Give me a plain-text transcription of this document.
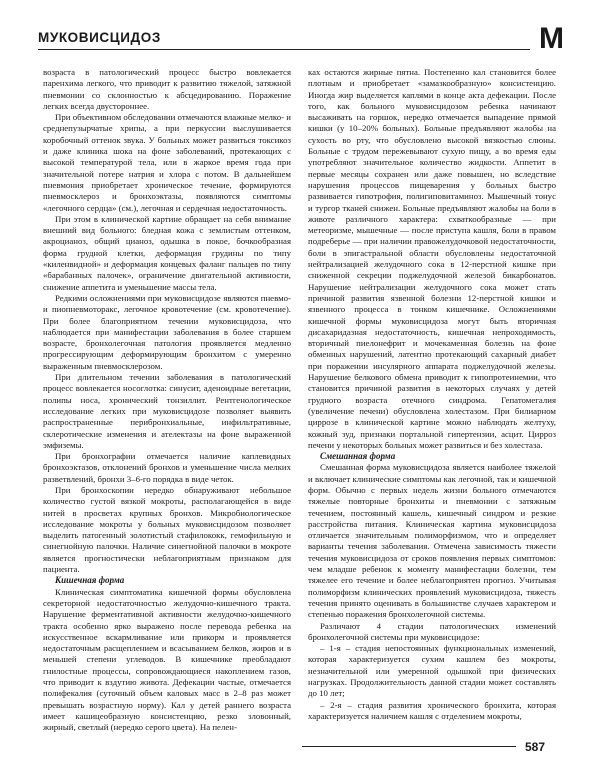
МУКОВИСЦИДОЗ	М

возраста в патологический процесс быстро вовлекается паренхима легкого, что приводит к развитию тяжелой, затяжной пневмонии со склонностью к абсцедированию. Поражение легких всегда двустороннее.

При объективном обследовании отмечаются влажные мелко- и среднепузырчатые хрипы, а при перкуссии выслушивается коробочный оттенок звука. У больных может развиться токсикоз и даже клиника шока на фоне заболеваний, протекающих с высокой температурой тела, или в жаркое время года при значительной потере натрия и хлора с потом. В дальнейшем пневмония приобретает хроническое течение, формируются пневмосклероз и бронхоэктазы, появляются симптомы «легочного сердца» (см.), легочная и сердечная недостаточность.

При этом в клинической картине обращает на себя внимание внешний вид больного: бледная кожа с землистым оттенком, акроцианоз, общий цианоз, одышка в покое, бочкообразная форма грудной клетки, деформация грудины по типу «киленвидной» и деформация концевых фаланг пальцев по типу «барабанных палочек», ограничение двигательной активности, снижение аппетита и уменьшение массы тела.

Редкими осложнениями при муковисцидозе являются пневмо- и пиопневмоторакс, легочное кровотечение (см. кровотечение). При более благоприятном течении муковисцидоза, что наблюдается при манифестации заболевания в более старшем возрасте, бронхолегочная патология проявляется медленно прогрессирующим деформирующим бронхитом с умеренно выраженным пневмосклерозом.

При длительном течении заболевания в патологический процесс вовлекается носоглотка: синусит, аденоидные вегетации, полипы носа, хронический тонзиллит. Рентгенологическое исследование легких при муковисцидозе позволяет выявить распространенные перибронхиальные, инфильтративные, склеротические изменения и ателектазы на фоне выраженной эмфиземы.

При бронхографии отмечается наличие каплевидных бронхоэктазов, отклонений бронхов и уменьшение числа мелких разветвлений, бронхи 3–6-го порядка в виде четок.

При бронхоскопии нередко обнаруживают небольшое количество густой вязкой мокроты, располагающейся в виде нитей в просветах крупных бронхов. Микробиологическое исследование мокроты у больных муковисцидозом позволяет выделить патогенный золотистый стафилококк, гемофильную и синегнойную палочки. Наличие синегнойной палочки в мокроте является прогностически неблагоприятным признаком для пациента.

Кишечная форма

Клиническая симптоматика кишечной формы обусловлена секреторной недостаточностью желудочно-кишечного тракта. Нарушение ферментативной активности желудочно-кишечного тракта особенно ярко выражено после перевода ребенка на искусственное вскармливание или прикорм и проявляется недостаточным расщеплением и всасыванием белков, жиров и в меньшей степени углеводов. В кишечнике преобладают гнилостные процессы, сопровождающиеся накоплением газов, что приводит к вздутию живота. Дефекации частые, отмечается полифекалия (суточный объем каловых масс в 2–8 раз может превышать возрастную норму). Кал у детей раннего возраста имеет кашицеобразную консистенцию, резко зловонный, жирный, светлый (нередко серого цвета). На пелен-

ках остаются жирные пятна. Постепенно кал становится более плотным и приобретает «замазкообразную» консистенцию. Иногда жир выделяется каплями в конце акта дефекации. После того, как больного муковисцидозом ребенка начинают высаживать на горшок, нередко отмечается выпадение прямой кишки (у 10–20% больных). Больные предъявляют жалобы на сухость во рту, что обусловлено высокой вязкостью слюны. Больные с трудом пережевывают сухую пищу, а во время еды употребляют значительное количество жидкости. Аппетит в первые месяцы сохранен или даже повышен, но вследствие нарушения процессов пищеварения у больных быстро развивается гипотрофия, полигиповитаминоз. Мышечный тонус и тургор тканей снижен. Больные предъявляют жалобы на боли в животе различного характера: схваткообразные — при метеоризме, мышечные — после приступа кашля, боли в правом подреберье — при наличии правожелудочковой недостаточности, боли в эпигастральной области обусловлены недостаточной нейтрализацией желудочного сока в 12-перстной кишке при сниженной секреции поджелудочной железой бикарбонатов. Нарушение нейтрализации желудочного сока может стать причиной развития язвенной болезни 12-перстной кишки и язвенного процесса в тонком кишечнике. Осложнениями кишечной формы муковисцидоза могут быть вторичная дисахаридазная недостаточность, кишечная непроходимость, вторичный пиелонефрит и мочекаменная болезнь на фоне обменных нарушений, латентно протекающий сахарный диабет при поражении инсулярного аппарата поджелудочной железы. Нарушение белкового обмена приводит к гипопротеинемии, что становится причиной развития в некоторых случаях у детей грудного возраста отечного синдрома. Гепатомегалия (увеличение печени) обусловлена холестазом. При билиарном циррозе в клинической картине можно наблюдать желтуху, кожный зуд, признаки портальной гипертензии, асцит. Цирроз печени у некоторых больных может развиться и без холестаза.

Смешанная форма

Смешанная форма муковисцидоза является наиболее тяжелой и включает клинические симптомы как легочной, так и кишечной форм. Обычно с первых недель жизни больного отмечаются тяжелые повторные бронхиты и пневмонии с затяжным течением, постоянный кашель, кишечный синдром и резкие расстройства питания. Клиническая картина муковисцидоза отличается значительным полиморфизмом, что и определяет варианты течения заболевания. Отмечена зависимость тяжести течения муковисцидоза от сроков появления первых симптомов: чем младше ребенок к моменту манифестации болезни, тем тяжелее его течение и более неблагоприятен прогноз. Учитывая полиморфизм клинических проявлений муковисцидоза, тяжесть течения принято оценивать в большинстве случаев характером и степенью поражения бронхолегочной системы.

Различают 4 стадии патологических изменений бронхолегочной системы при муковисцидозе:

– 1-я – стадия непостоянных функциональных изменений, которая характеризуется сухим кашлем без мокроты, незначительной или умеренной одышкой при физических нагрузках. Продолжительность данной стадии может составлять до 10 лет;

– 2-я – стадия развития хронического бронхита, которая характеризуется наличием кашля с отделением мокроты,

587
